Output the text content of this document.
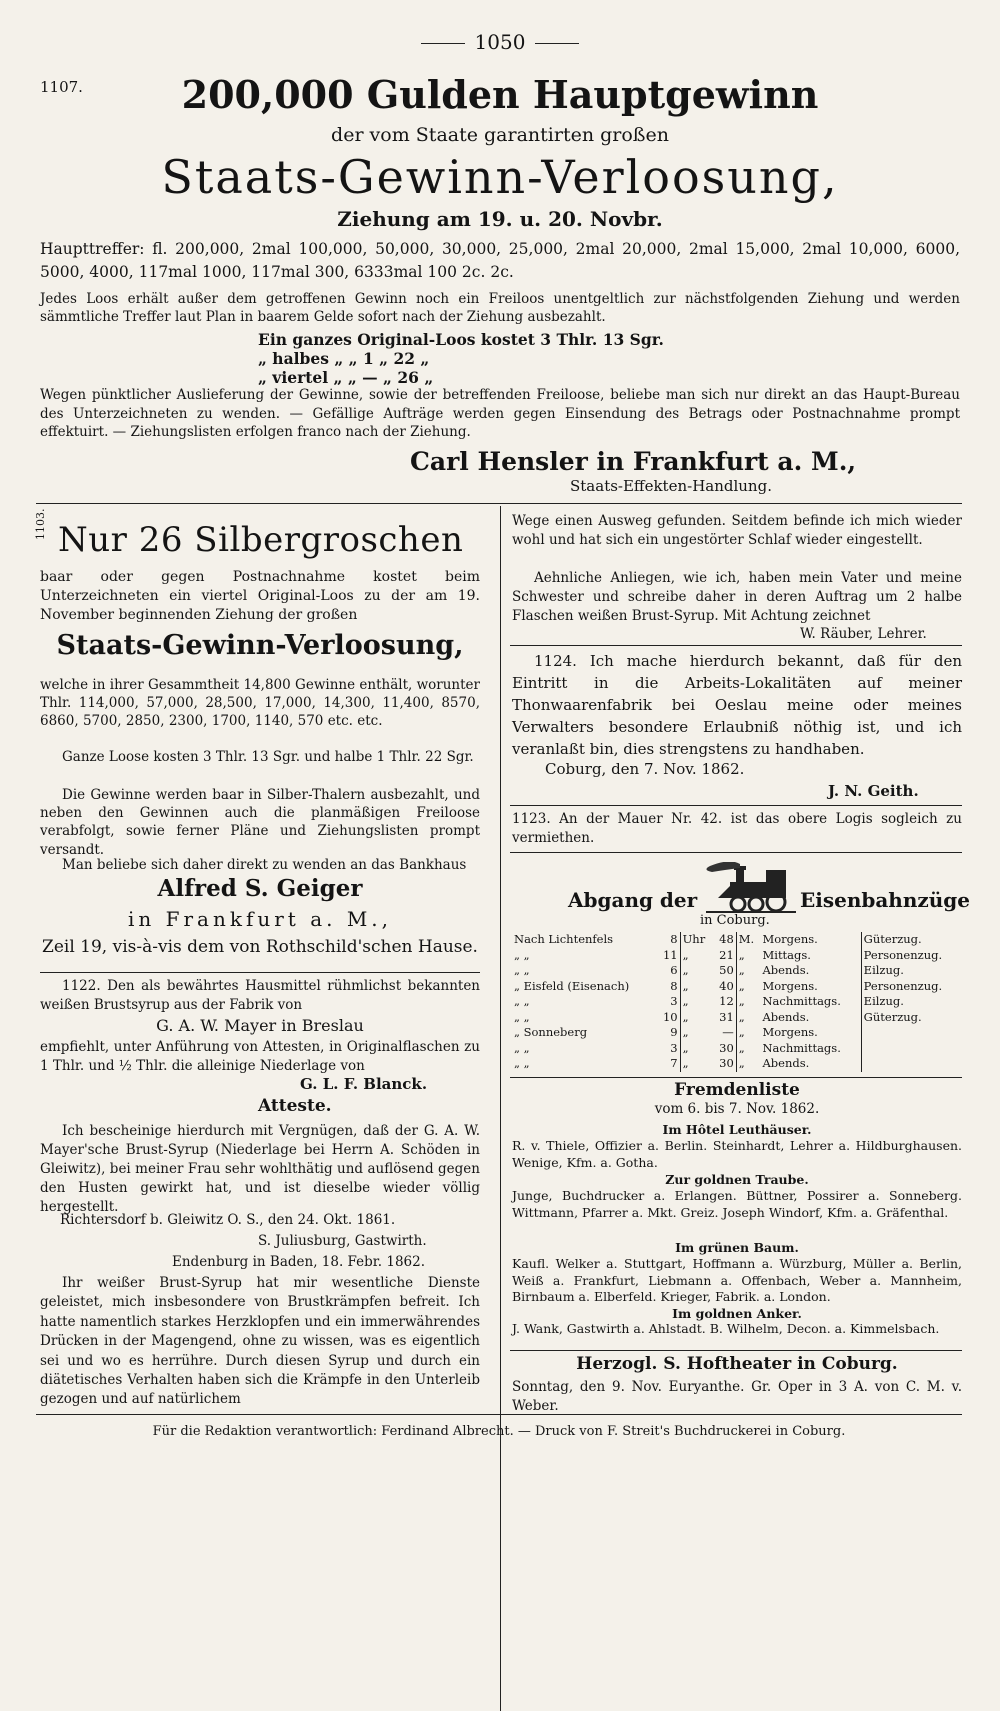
1050
1107.	200,000 Gulden Hauptgewinn
der vom Staate garantirten großen
Staats-Gewinn-Verloosung,
Ziehung am 19. u. 20. Novbr.
Haupttreffer: fl. 200,000, 2mal 100,000, 50,000, 30,000, 25,000, 2mal 20,000, 2mal 15,000, 2mal 10,000, 6000, 5000, 4000, 117mal 1000, 117mal 300, 6333mal 100 2c. 2c.
Jedes Loos erhält außer dem getroffenen Gewinn noch ein Freiloos unentgeltlich zur nächstfolgenden Ziehung und werden sämmtliche Treffer laut Plan in baarem Gelde sofort nach der Ziehung ausbezahlt.
Ein ganzes Original-Loos kostet 3 Thlr. 13 Sgr.
„ halbes „ „ 1 „ 22 „
„ viertel „ „ — „ 26 „
Wegen pünktlicher Auslieferung der Gewinne, sowie der betreffenden Freiloose, beliebe man sich nur direkt an das Haupt-Bureau des Unterzeichneten zu wenden. — Gefällige Aufträge werden gegen Einsendung des Betrags oder Postnachnahme prompt effektuirt. — Ziehungslisten erfolgen franco nach der Ziehung.
Carl Hensler in Frankfurt a. M.,
Staats-Effekten-Handlung.
1103. Nur 26 Silbergroschen
baar oder gegen Postnachnahme kostet beim Unterzeichneten ein viertel Original-Loos zu der am 19. November beginnenden Ziehung der großen
Staats-Gewinn-Verloosung,
welche in ihrer Gesammtheit 14,800 Gewinne enthält, worunter Thlr. 114,000, 57,000, 28,500, 17,000, 14,300, 11,400, 8570, 6860, 5700, 2850, 2300, 1700, 1140, 570 etc. etc.
Ganze Loose kosten 3 Thlr. 13 Sgr. und halbe 1 Thlr. 22 Sgr.
Die Gewinne werden baar in Silber-Thalern ausbezahlt, und neben den Gewinnen auch die planmäßigen Freiloose verabfolgt, sowie ferner Pläne und Ziehungslisten prompt versandt.
Man beliebe sich daher direkt zu wenden an das Bankhaus
Alfred S. Geiger
in Frankfurt a. M.,
Zeil 19, vis-à-vis dem von Rothschild'schen Hause.
1122. Den als bewährtes Hausmittel rühmlichst bekannten weißen Brustsyrup aus der Fabrik von
G. A. W. Mayer in Breslau
empfiehlt, unter Anführung von Attesten, in Originalflaschen zu 1 Thlr. und ½ Thlr. die alleinige Niederlage von
G. L. F. Blanck.
Atteste.
Ich bescheinige hierdurch mit Vergnügen, daß der G. A. W. Mayer'sche Brust-Syrup (Niederlage bei Herrn A. Schöden in Gleiwitz), bei meiner Frau sehr wohlthätig und auflösend gegen den Husten gewirkt hat, und ist dieselbe wieder völlig hergestellt.
Richtersdorf b. Gleiwitz O. S., den 24. Okt. 1861.
S. Juliusburg, Gastwirth.
Endenburg in Baden, 18. Febr. 1862.
Ihr weißer Brust-Syrup hat mir wesentliche Dienste geleistet, mich insbesondere von Brustkrämpfen befreit. Ich hatte namentlich starkes Herzklopfen und ein immerwährendes Drücken in der Magengend, ohne zu wissen, was es eigentlich sei und wo es herrühre. Durch diesen Syrup und durch ein diätetisches Verhalten haben sich die Krämpfe in den Unterleib gezogen und auf natürlichem
Wege einen Ausweg gefunden. Seitdem befinde ich mich wieder wohl und hat sich ein ungestörter Schlaf wieder eingestellt.
Aehnliche Anliegen, wie ich, haben mein Vater und meine Schwester und schreibe daher in deren Auftrag um 2 halbe Flaschen weißen Brust-Syrup. Mit Achtung zeichnet
W. Räuber, Lehrer.
1124. Ich mache hierdurch bekannt, daß für den Eintritt in die Arbeits-Lokalitäten auf meiner Thonwaarenfabrik bei Oeslau meine oder meines Verwalters besondere Erlaubniß nöthig ist, und ich veranlaßt bin, dies strengstens zu handhaben.
Coburg, den 7. Nov. 1862.
J. N. Geith.
1123. An der Mauer Nr. 42. ist das obere Logis sogleich zu vermiethen.
Abgang der	Eisenbahnzüge
in Coburg.
Nach Lichtenfels	8	Uhr	48	M.	Morgens.	Güterzug.
„ „	11	„	21	„	Mittags.	Personenzug.
„ „	6	„	50	„	Abends.	Eilzug.
„ Eisfeld (Eisenach)	8	„	40	„	Morgens.	Personenzug.
„ „	3	„	12	„	Nachmittags.	Eilzug.
„ „	10	„	31	„	Abends.	Güterzug.
„ Sonneberg	9	„	—	„	Morgens.	
„ „	3	„	30	„	Nachmittags.	
„ „	7	„	30	„	Abends.	
Fremdenliste
vom 6. bis 7. Nov. 1862.
Im Hôtel Leuthäuser.
R. v. Thiele, Offizier a. Berlin. Steinhardt, Lehrer a. Hildburghausen. Wenige, Kfm. a. Gotha.
Zur goldnen Traube.
Junge, Buchdrucker a. Erlangen. Büttner, Possirer a. Sonneberg. Wittmann, Pfarrer a. Mkt. Greiz. Joseph Windorf, Kfm. a. Gräfenthal.
Im grünen Baum.
Kaufl. Welker a. Stuttgart, Hoffmann a. Würzburg, Müller a. Berlin, Weiß a. Frankfurt, Liebmann a. Offenbach, Weber a. Mannheim, Birnbaum a. Elberfeld. Krieger, Fabrik. a. London.
Im goldnen Anker.
J. Wank, Gastwirth a. Ahlstadt. B. Wilhelm, Decon. a. Kimmelsbach.
Herzogl. S. Hoftheater in Coburg.
Sonntag, den 9. Nov. Euryanthe. Gr. Oper in 3 A. von C. M. v. Weber.
Für die Redaktion verantwortlich: Ferdinand Albrecht. — Druck von F. Streit's Buchdruckerei in Coburg.
